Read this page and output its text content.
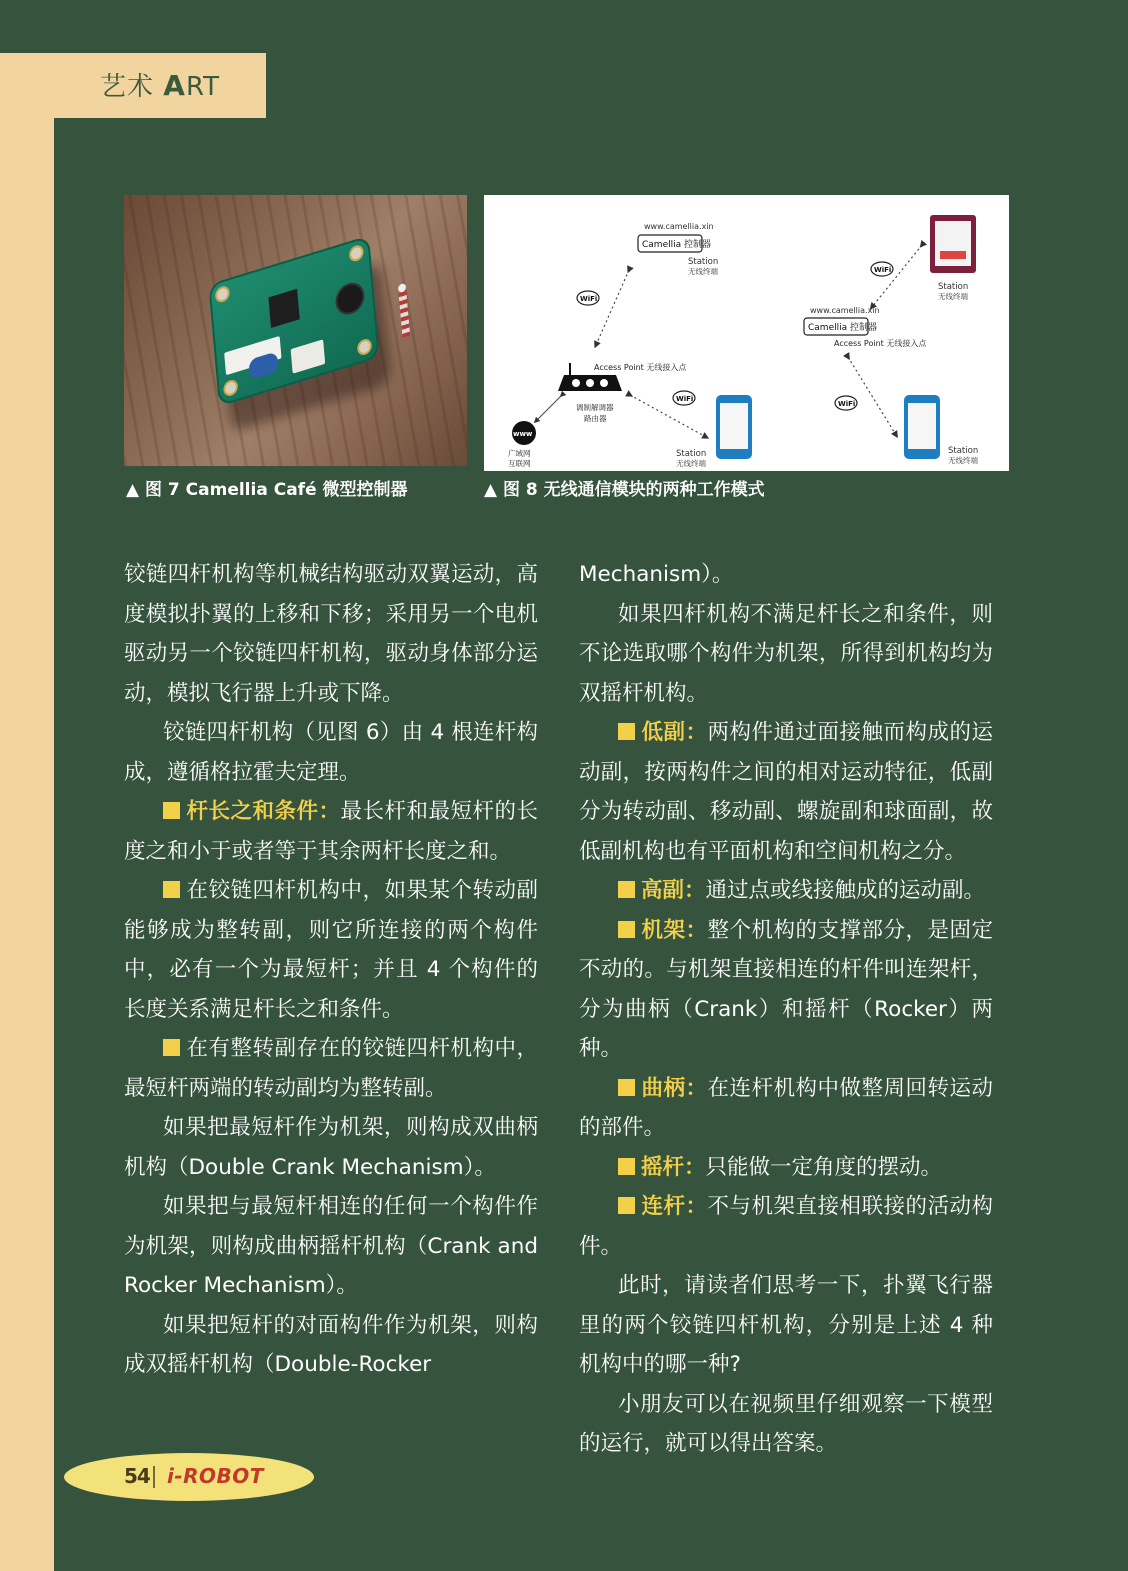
艺术 ART
▲ 图 7 Camellia Café 微型控制器
www.camellia.xin
Camellia 控制器
Station
无线终端
WiFi
Access Point 无线接入点
调制解调器
路由器
www
广域网
互联网
WiFi
Station
无线终端
Station
无线终端
WiFi
www.camellia.xin
Camellia 控制器
Access Point 无线接入点
WiFi
Station
无线终端
▲ 图 8 无线通信模块的两种工作模式

铰链四杆机构等机械结构驱动双翼运动，高度模拟扑翼的上移和下移；采用另一个电机驱动另一个铰链四杆机构，驱动身体部分运动，模拟飞行器上升或下降。

铰链四杆机构（见图 6）由 4 根连杆构成，遵循格拉霍夫定理。

杆长之和条件：最长杆和最短杆的长度之和小于或者等于其余两杆长度之和。

在铰链四杆机构中，如果某个转动副能够成为整转副，则它所连接的两个构件中，必有一个为最短杆；并且 4 个构件的长度关系满足杆长之和条件。

在有整转副存在的铰链四杆机构中，最短杆两端的转动副均为整转副。

如果把最短杆作为机架，则构成双曲柄机构（Double Crank Mechanism）。

如果把与最短杆相连的任何一个构件作为机架，则构成曲柄摇杆机构（Crank and Rocker Mechanism）。

如果把短杆的对面构件作为机架，则构成双摇杆机构（Double-Rocker

Mechanism）。

如果四杆机构不满足杆长之和条件，则不论选取哪个构件为机架，所得到机构均为双摇杆机构。

低副：两构件通过面接触而构成的运动副，按两构件之间的相对运动特征，低副分为转动副、移动副、螺旋副和球面副，故低副机构也有平面机构和空间机构之分。

高副：通过点或线接触成的运动副。

机架：整个机构的支撑部分，是固定不动的。与机架直接相连的杆件叫连架杆，分为曲柄（Crank）和摇杆（Rocker）两种。

曲柄：在连杆机构中做整周回转运动的部件。

摇杆：只能做一定角度的摆动。

连杆：不与机架直接相联接的活动构件。

此时，请读者们思考一下，扑翼飞行器里的两个铰链四杆机构，分别是上述 4 种机构中的哪一种?

小朋友可以在视频里仔细观察一下模型的运行，就可以得出答案。

54 i-ROBOT
